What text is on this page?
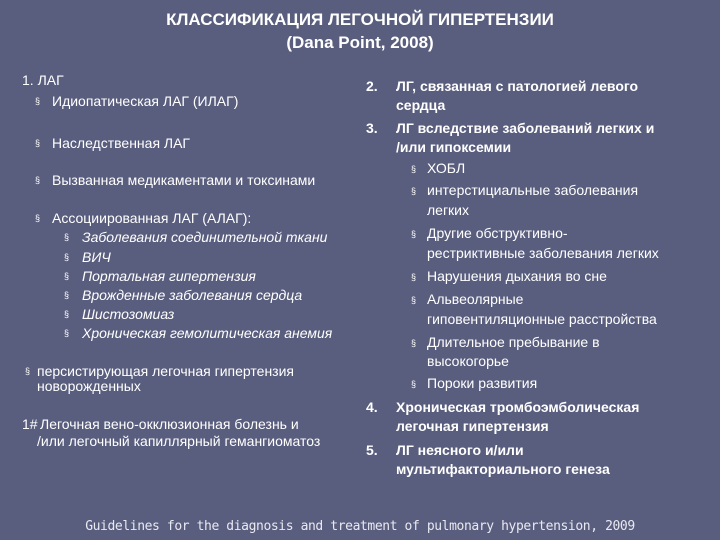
КЛАССИФИКАЦИЯ ЛЕГОЧНОЙ ГИПЕРТЕНЗИИ
(Dana Point, 2008)
1. ЛАГ
§ Идиопатическая ЛАГ (ИЛАГ)
§ Наследственная ЛАГ
§ Вызванная медикаментами и токсинами
§ Ассоциированная ЛАГ (АЛАГ):
§ Заболевания соединительной ткани
§ ВИЧ
§ Портальная гипертензия
§ Врожденные заболевания сердца
§ Шистозомиаз
§ Хроническая гемолитическая анемия
§ персистирующая легочная гипертензия
новорожденных
1# Легочная вено-окклюзионная болезнь и
/или легочный капиллярный гемангиоматоз
2. ЛГ, связанная с патологией левого
сердца
3. ЛГ вследствие заболеваний легких и
/или гипоксемии
§ ХОБЛ
§ интерстициальные заболевания
легких
§ Другие обструктивно-
рестриктивные заболевания легких
§ Нарушения дыхания во сне
§ Альвеолярные
гиповентиляционные расстройства
§ Длительное пребывание в
высокогорье
§ Пороки развития
4. Хроническая тромбоэмболическая
легочная гипертензия
5. ЛГ неясного и/или
мультифакториального генеза
Guidelines for the diagnosis and treatment of pulmonary hypertension, 2009
